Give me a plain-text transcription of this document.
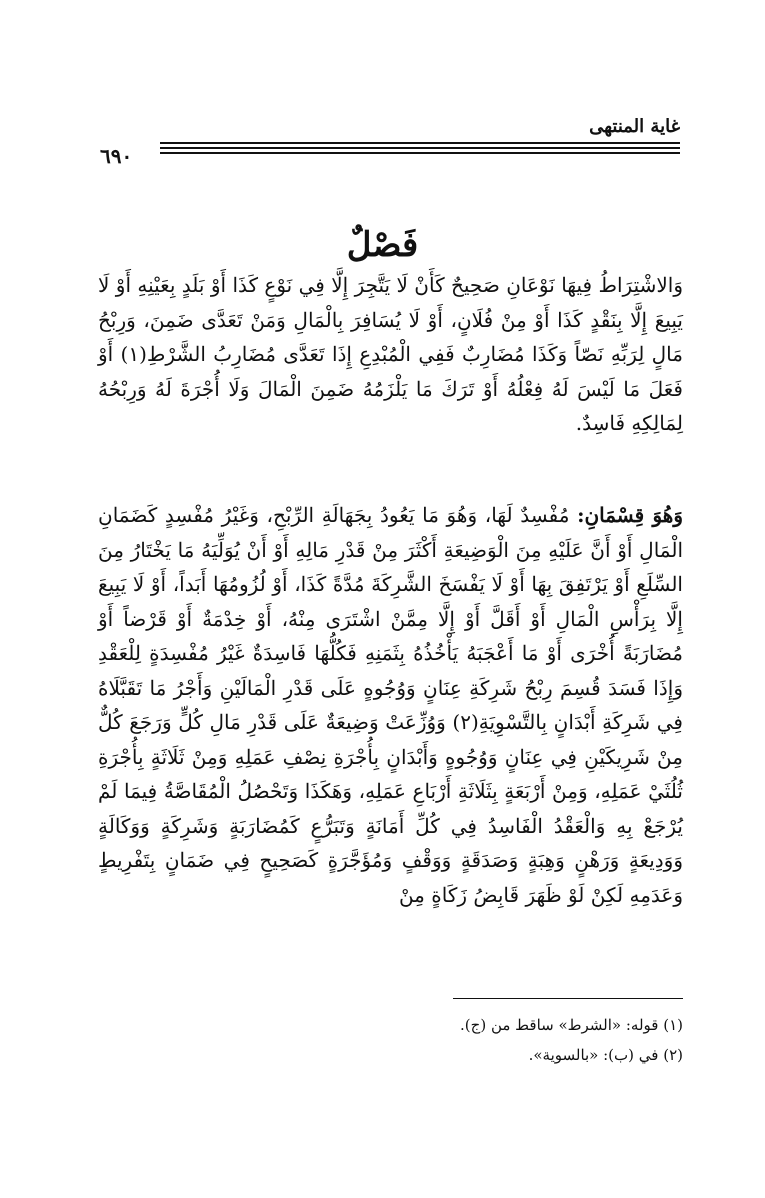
غاية المنتهى
٦٩٠
فَصْلٌ
وَالاشْتِرَاطُ فِيهَا نَوْعَانِ صَحِيحٌ كَأَنْ لَا يَتَّجِرَ إِلَّا فِي نَوْعٍ كَذَا أَوْ بَلَدٍ بِعَيْنِهِ أَوْ لَا يَبِيعَ إِلَّا بِنَقْدٍ كَذَا أَوْ مِنْ فُلَانٍ، أَوْ لَا يُسَافِرَ بِالْمَالِ وَمَنْ تَعَدَّى ضَمِنَ، وَرِبْحُ مَالٍ لِرَبِّهِ نَصّاً وَكَذَا مُضَارِبٌ فَفِي الْمُبْدِعِ إِذَا تَعَدَّى مُضَارِبُ الشَّرْطِ(١) أَوْ فَعَلَ مَا لَيْسَ لَهُ فِعْلُهُ أَوْ تَرَكَ مَا يَلْزَمُهُ ضَمِنَ الْمَالَ وَلَا أُجْرَةَ لَهُ وَرِبْحُهُ لِمَالِكِهِ فَاسِدٌ.
وَهُوَ قِسْمَانِ: مُفْسِدٌ لَهَا، وَهُوَ مَا يَعُودُ بِجَهَالَةِ الرِّبْحِ، وَغَيْرُ مُفْسِدٍ كَضَمَانِ الْمَالِ أَوْ أَنَّ عَلَيْهِ مِنَ الْوَضِيعَةِ أَكْثَرَ مِنْ قَدْرِ مَالِهِ أَوْ أَنْ يُوَلِّيَهُ مَا يَخْتَارُ مِنَ السِّلَعِ أَوْ يَرْتَفِقَ بِهَا أَوْ لَا يَفْسَخَ الشَّرِكَةَ مُدَّةً كَذَا، أَوْ لُزُومُهَا أَبَداً، أَوْ لَا يَبِيعَ إِلَّا بِرَأْسِ الْمَالِ أَوْ أَقَلَّ أَوْ إِلَّا مِمَّنْ اشْتَرَى مِنْهُ، أَوْ خِدْمَةٌ أَوْ قَرْضاً أَوْ مُضَارَبَةً أُخْرَى أَوْ مَا أَعْجَبَهُ يَأْخُذُهُ بِثَمَنِهِ فَكُلُّهَا فَاسِدَةٌ غَيْرُ مُفْسِدَةٍ لِلْعَقْدِ وَإِذَا فَسَدَ قُسِمَ رِبْحُ شَرِكَةِ عِنَانٍ وَوُجُوهٍ عَلَى قَدْرِ الْمَالَيْنِ وَأَجْرُ مَا تَقَبَّلَاهُ فِي شَرِكَةِ أَبْدَانٍ بِالتَّسْوِيَةِ(٢) وَوُزِّعَتْ وَضِيعَةٌ عَلَى قَدْرِ مَالِ كُلٍّ وَرَجَعَ كُلٌّ مِنْ شَرِيكَيْنِ فِي عِنَانٍ وَوُجُوهٍ وَأَبْدَانٍ بِأُجْرَةِ نِصْفِ عَمَلِهِ وَمِنْ ثَلَاثَةٍ بِأُجْرَةِ ثُلُثَيْ عَمَلِهِ، وَمِنْ أَرْبَعَةٍ بِثَلَاثَةِ أَرْبَاعِ عَمَلِهِ، وَهَكَذَا وَتَحْصُلُ الْمُقَاصَّةُ فِيمَا لَمْ يُرْجَعْ بِهِ وَالْعَقْدُ الْفَاسِدُ فِي كُلِّ أَمَانَةٍ وَتَبَرُّعٍ كَمُضَارَبَةٍ وَشَرِكَةٍ وَوَكَالَةٍ وَوَدِيعَةٍ وَرَهْنٍ وَهِبَةٍ وَصَدَقَةٍ وَوَقْفٍ وَمُؤَجَّرَةٍ كَصَحِيحٍ فِي ضَمَانٍ بِتَفْرِيطٍ وَعَدَمِهِ لَكِنْ لَوْ ظَهَرَ قَابِضُ زَكَاةٍ مِنْ
(١) قوله: «الشرط» ساقط من (ج).
(٢) في (ب): «بالسوية».
